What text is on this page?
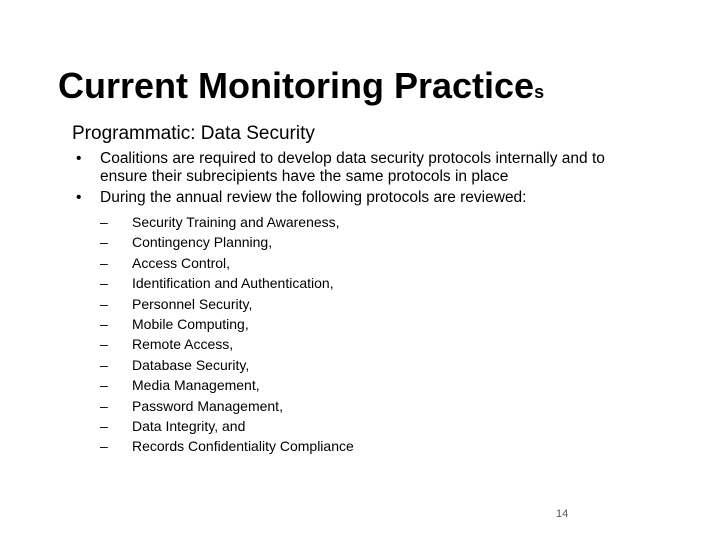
Current Monitoring Practices
Programmatic: Data Security
•	Coalitions are required to develop data security protocols internally and to ensure their subrecipients have the same protocols in place
•	During the annual review the following protocols are reviewed:
– Security Training and Awareness,
– Contingency Planning,
– Access Control,
– Identification and Authentication,
– Personnel Security,
– Mobile Computing,
– Remote Access,
– Database Security,
– Media Management,
– Password Management,
– Data Integrity, and
– Records Confidentiality Compliance
14
